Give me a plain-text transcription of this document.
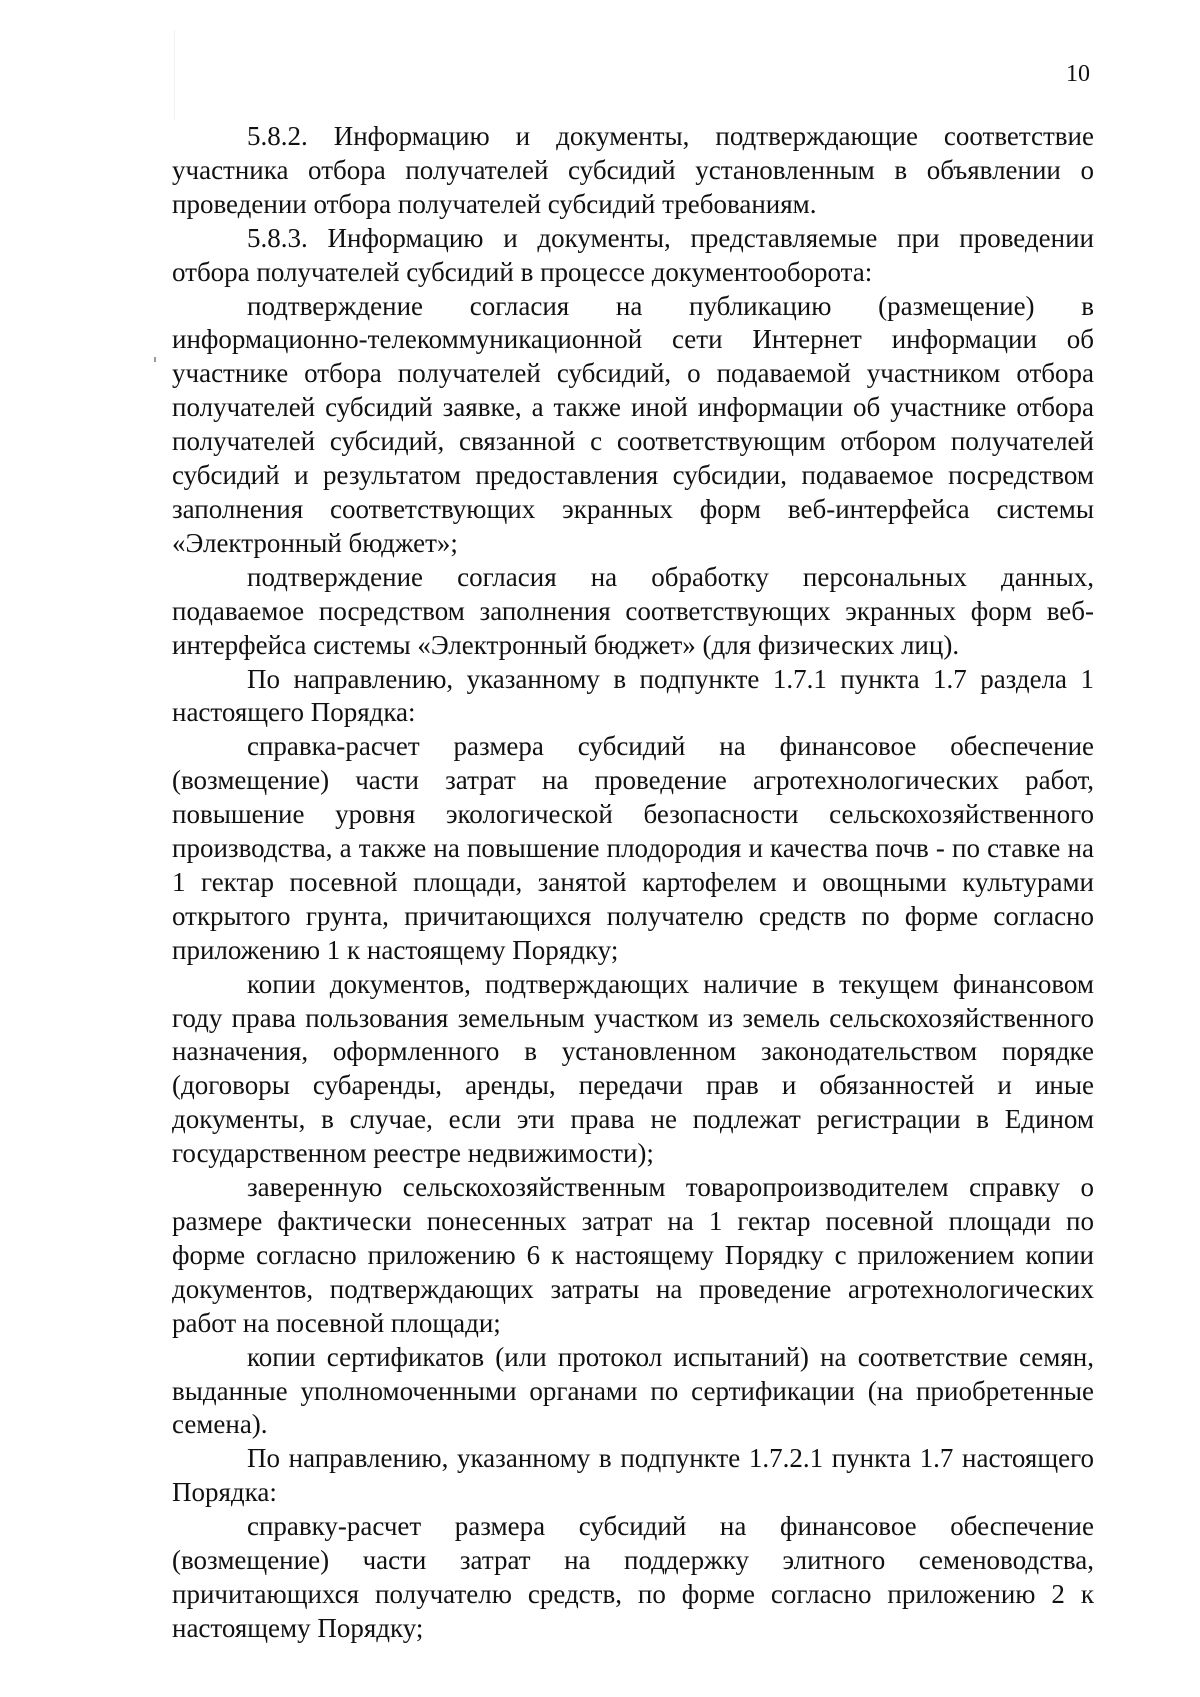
10

5.8.2. Информацию и документы, подтверждающие соответствие участника отбора получателей субсидий установленным в объявлении о проведении отбора получателей субсидий требованиям.

5.8.3. Информацию и документы, представляемые при проведении отбора получателей субсидий в процессе документооборота:

подтверждение согласия на публикацию (размещение) в информационно-телекоммуникационной сети Интернет информации об участнике отбора получателей субсидий, о подаваемой участником отбора получателей субсидий заявке, а также иной информации об участнике отбора получателей субсидий, связанной с соответствующим отбором получателей субсидий и результатом предоставления субсидии, подаваемое посредством заполнения соответствующих экранных форм веб-интерфейса системы «Электронный бюджет»;

подтверждение согласия на обработку персональных данных, подаваемое посредством заполнения соответствующих экранных форм веб-интерфейса системы «Электронный бюджет» (для физических лиц).

По направлению, указанному в подпункте 1.7.1 пункта 1.7 раздела 1 настоящего Порядка:

справка-расчет размера субсидий на финансовое обеспечение (возмещение) части затрат на проведение агротехнологических работ, повышение уровня экологической безопасности сельскохозяйственного производства, а также на повышение плодородия и качества почв - по ставке на 1 гектар посевной площади, занятой картофелем и овощными культурами открытого грунта, причитающихся получателю средств по форме согласно приложению 1 к настоящему Порядку;

копии документов, подтверждающих наличие в текущем финансовом году права пользования земельным участком из земель сельскохозяйственного назначения, оформленного в установленном законодательством порядке (договоры субаренды, аренды, передачи прав и обязанностей и иные документы, в случае, если эти права не подлежат регистрации в Едином государственном реестре недвижимости);

заверенную сельскохозяйственным товаропроизводителем справку о размере фактически понесенных затрат на 1 гектар посевной площади по форме согласно приложению 6 к настоящему Порядку с приложением копии документов, подтверждающих затраты на проведение агротехнологических работ на посевной площади;

копии сертификатов (или протокол испытаний) на соответствие семян, выданные уполномоченными органами по сертификации (на приобретенные семена).

По направлению, указанному в подпункте 1.7.2.1 пункта 1.7 настоящего Порядка:

справку-расчет размера субсидий на финансовое обеспечение (возмещение) части затрат на поддержку элитного семеноводства, причитающихся получателю средств, по форме согласно приложению 2 к настоящему Порядку;
